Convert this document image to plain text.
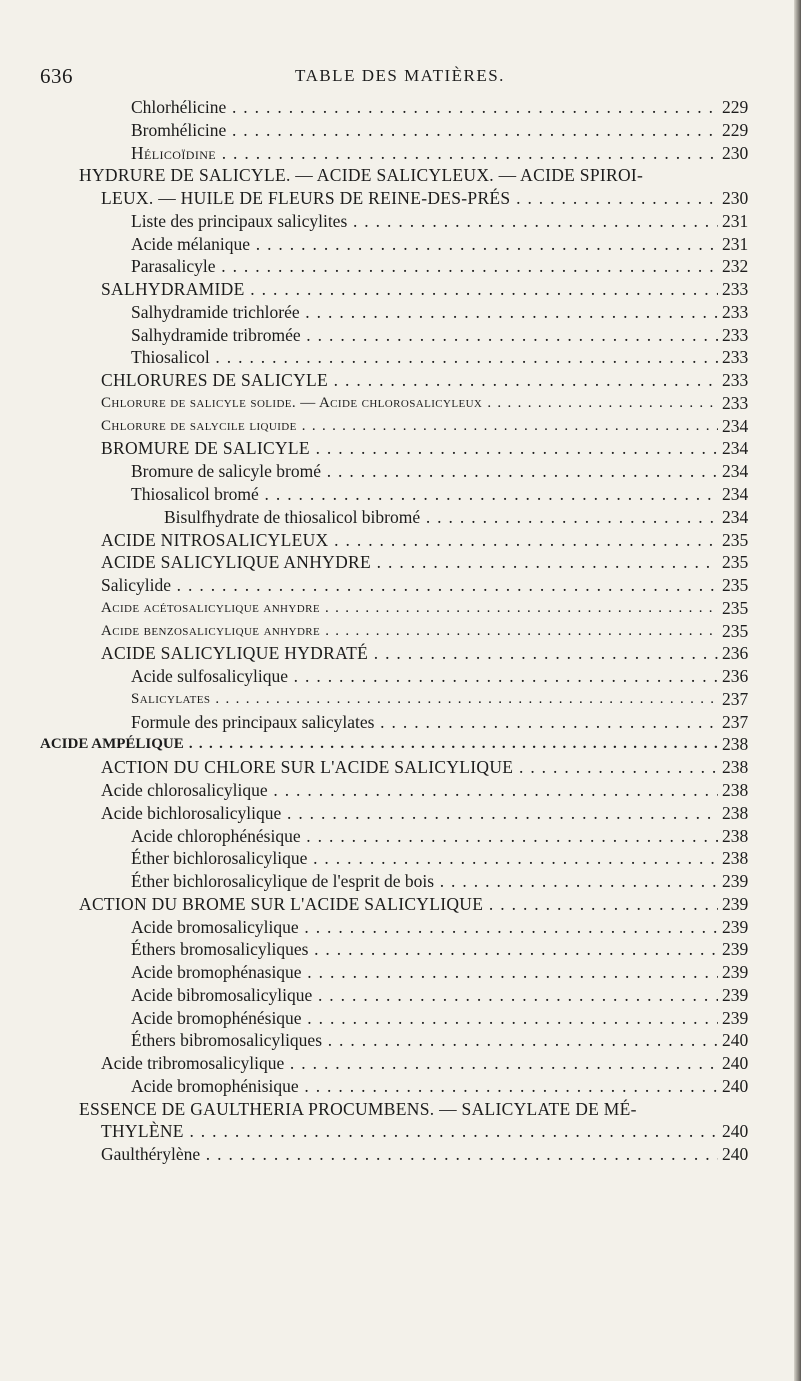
636	TABLE DES MATIÈRES.
Chlorhélicine . . .	229
Bromhélicine . . .	229
Hélicoïdine . . .	230
HYDRURE DE SALICYLE. — ACIDE SALICYLEUX. — ACIDE SPIROI-
LEUX. — HUILE DE FLEURS DE REINE-DES-PRÉS . . .	230
Liste des principaux salicylites . . .	231
Acide mélanique . . .	231
Parasalicyle . . .	232
SALHYDRAMIDE . . .	233
Salhydramide trichlorée . . .	233
Salhydramide tribromée . . .	233
Thiosalicol . . .	233
CHLORURES DE SALICYLE . . .	233
Chlorure de salicyle solide. — Acide chlorosalicyleux . . .	233
Chlorure de salycile liquide . . .	234
BROMURE DE SALICYLE . . .	234
Bromure de salicyle bromé . . .	234
Thiosalicol bromé . . .	234
Bisulfhydrate de thiosalicol bibromé . . .	234
ACIDE NITROSALICYLEUX . . .	235
ACIDE SALICYLIQUE ANHYDRE . . .	235
Salicylide . . .	235
Acide acétosalicylique anhydre . . .	235
Acide benzosalicylique anhydre . . .	235
ACIDE SALICYLIQUE HYDRATÉ . . .	236
Acide sulfosalicylique . . .	236
Salicylates . . .	237
Formule des principaux salicylates . . .	237
ACIDE AMPÉLIQUE . . .	238
ACTION DU CHLORE SUR L'ACIDE SALICYLIQUE . . .	238
Acide chlorosalicylique . . .	238
Acide bichlorosalicylique . . .	238
Acide chlorophénésique . . .	238
Éther bichlorosalicylique . . .	238
Éther bichlorosalicylique de l'esprit de bois . . .	239
ACTION DU BROME SUR L'ACIDE SALICYLIQUE . . .	239
Acide bromosalicylique . . .	239
Éthers bromosalicyliques . . .	239
Acide bromophénasique . . .	239
Acide bibromosalicylique . . .	239
Acide bromophénésique . . .	239
Éthers bibromosalicyliques . . .	240
Acide tribromosalicylique . . .	240
Acide bromophénisique . . .	240
ESSENCE DE GAULTHERIA PROCUMBENS. — SALICYLATE DE MÉ-
THYLÈNE . . .	240
Gaulthérylène . . .	240
